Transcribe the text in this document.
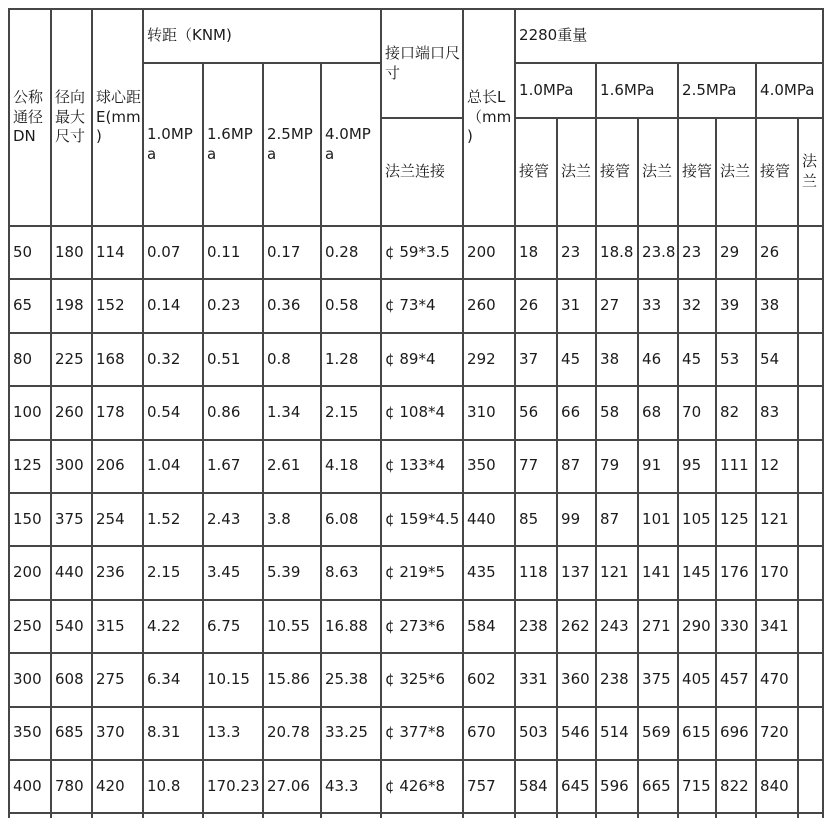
公称通径DN	径向最大尺寸	球心距E(mm)	转距（KNM)				接口端口尺寸	总长L（mm)	2280重量							
			1.0MPa	1.6MPa	2.5MPa	4.0MPa			1.0MPa		1.6MPa		2.5MPa		4.0MPa	
							法兰连接		接管	法兰	接管	法兰	接管	法兰	接管	法兰
50	180	114	0.07	0.11	0.17	0.28	¢ 59*3.5	200	18	23	18.8	23.8	23	29	26	
65	198	152	0.14	0.23	0.36	0.58	¢ 73*4	260	26	31	27	33	32	39	38	
80	225	168	0.32	0.51	0.8	1.28	¢ 89*4	292	37	45	38	46	45	53	54	
100	260	178	0.54	0.86	1.34	2.15	¢ 108*4	310	56	66	58	68	70	82	83	
125	300	206	1.04	1.67	2.61	4.18	¢ 133*4	350	77	87	79	91	95	111	12	
150	375	254	1.52	2.43	3.8	6.08	¢ 159*4.5	440	85	99	87	101	105	125	121	
200	440	236	2.15	3.45	5.39	8.63	¢ 219*5	435	118	137	121	141	145	176	170	
250	540	315	4.22	6.75	10.55	16.88	¢ 273*6	584	238	262	243	271	290	330	341	
300	608	275	6.34	10.15	15.86	25.38	¢ 325*6	602	331	360	238	375	405	457	470	
350	685	370	8.31	13.3	20.78	33.25	¢ 377*8	670	503	546	514	569	615	696	720	
400	780	420	10.8	170.23	27.06	43.3	¢ 426*8	757	584	645	596	665	715	822	840	
